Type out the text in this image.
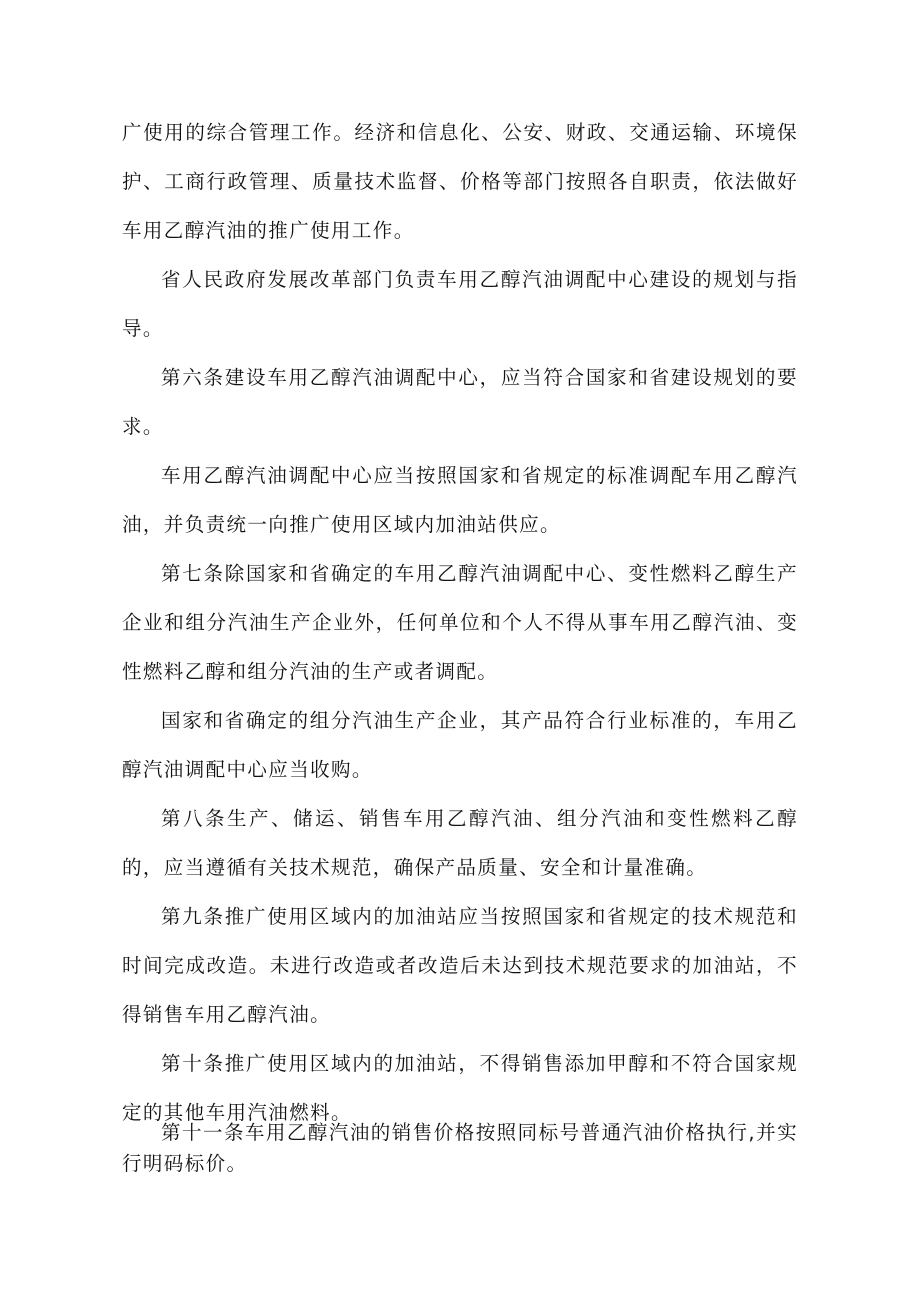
广使用的综合管理工作。经济和信息化、公安、财政、交通运输、环境保护、工商行政管理、质量技术监督、价格等部门按照各自职责，依法做好车用乙醇汽油的推广使用工作。

省人民政府发展改革部门负责车用乙醇汽油调配中心建设的规划与指导。

第六条建设车用乙醇汽油调配中心，应当符合国家和省建设规划的要求。

车用乙醇汽油调配中心应当按照国家和省规定的标准调配车用乙醇汽油，并负责统一向推广使用区域内加油站供应。

第七条除国家和省确定的车用乙醇汽油调配中心、变性燃料乙醇生产企业和组分汽油生产企业外，任何单位和个人不得从事车用乙醇汽油、变性燃料乙醇和组分汽油的生产或者调配。

国家和省确定的组分汽油生产企业，其产品符合行业标准的，车用乙醇汽油调配中心应当收购。

第八条生产、储运、销售车用乙醇汽油、组分汽油和变性燃料乙醇的，应当遵循有关技术规范，确保产品质量、安全和计量准确。

第九条推广使用区域内的加油站应当按照国家和省规定的技术规范和时间完成改造。未进行改造或者改造后未达到技术规范要求的加油站，不得销售车用乙醇汽油。

第十条推广使用区域内的加油站，不得销售添加甲醇和不符合国家规定的其他车用汽油燃料。

第十一条车用乙醇汽油的销售价格按照同标号普通汽油价格执行,并实行明码标价。
